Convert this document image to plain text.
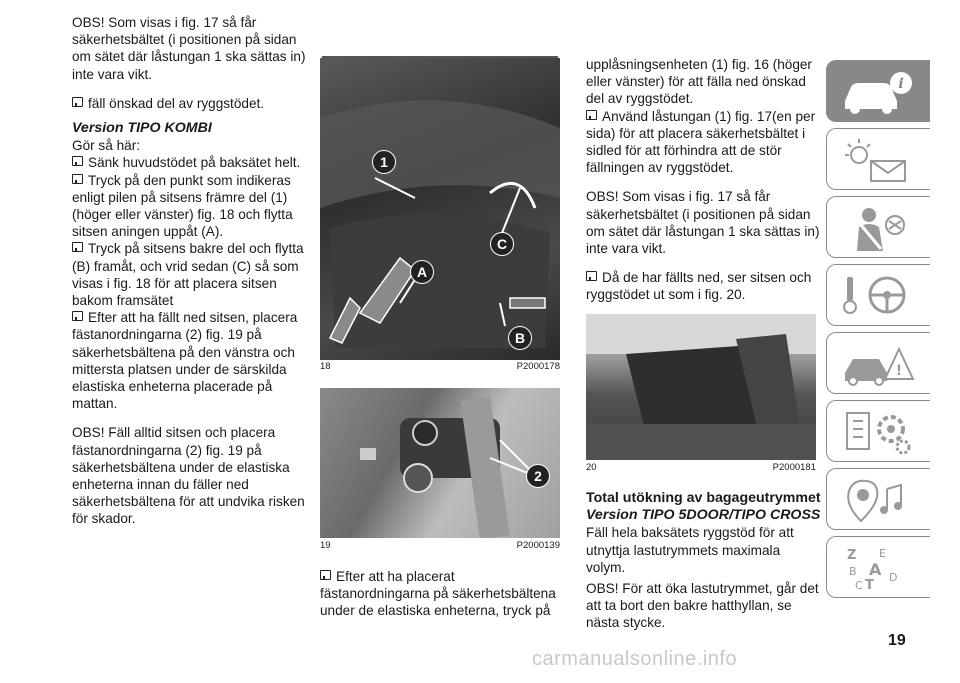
OBS! Som visas i fig. 17 så får säkerhetsbältet (i positionen på sidan om sätet där låstungan 1 ska sättas in) inte vara vikt.

fäll önskad del av ryggstödet.

Version TIPO KOMBI

Gör så här:

Sänk huvudstödet på baksätet helt.

Tryck på den punkt som indikeras enligt pilen på sitsens främre del (1) (höger eller vänster) fig. 18 och flytta sitsen aningen uppåt (A).

Tryck på sitsens bakre del och flytta (B) framåt, och vrid sedan (C) så som visas i fig. 18 för att placera sitsen bakom framsätet

Efter att ha fällt ned sitsen, placera fästanordningarna (2) fig. 19 på säkerhetsbältena på den vänstra och mittersta platsen under de särskilda elastiska enheterna placerade på mattan.

OBS! Fäll alltid sitsen och placera fästanordningarna (2) fig. 19 på säkerhetsbältena under de elastiska enheterna innan du fäller ned säkerhetsbältena för att undvika risken för skador.

1
C
A
B
18	P2000178
2
19	P2000139

Efter att ha placerat fästanordningarna på säkerhetsbältena under de elastiska enheterna, tryck på

upplåsningsenheten (1) fig. 16 (höger eller vänster) för att fälla ned önskad del av ryggstödet.

Använd låstungan (1) fig. 17(en per sida) för att placera säkerhetsbältet i sidled för att förhindra att de stör fällningen av ryggstödet.

OBS! Som visas i fig. 17 så får säkerhetsbältet (i positionen på sidan om sätet där låstungan 1 ska sättas in) inte vara vikt.

Då de har fällts ned, ser sitsen och ryggstödet ut som i fig. 20.

20	P2000181

Total utökning av bagageutrymmet

Version TIPO 5DOOR/TIPO CROSS

Fäll hela baksätets ryggstöd för att utnyttja lastutrymmets maximala volym.

OBS! För att öka lastutrymmet, går det att ta bort den bakre hatthyllan, se nästa stycke.

i
!
Z E
B A
C T
D
19
carmanualsonline.info
